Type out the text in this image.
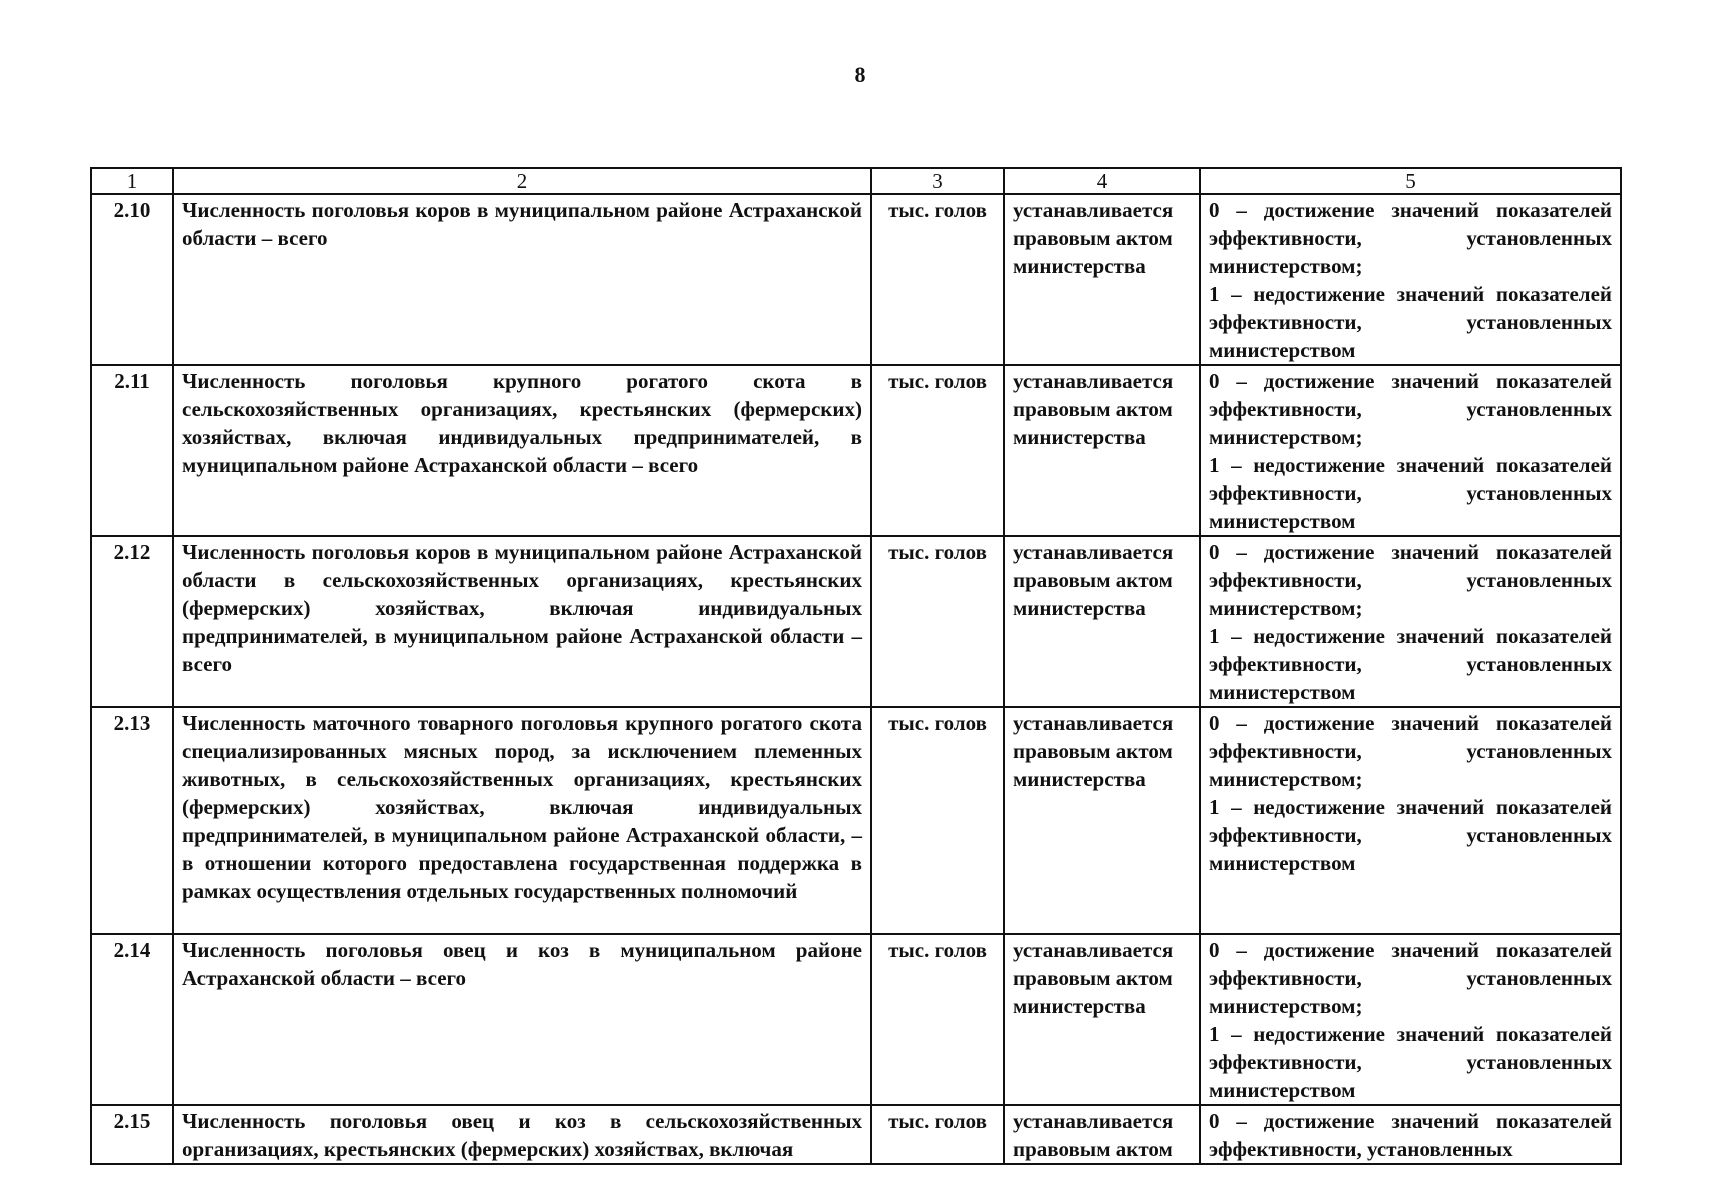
8
1	2	3	4	5
2.10	Численность поголовья коров в муниципальном районе Астраханской области – всего	тыс. голов	устанавливается правовым актом министерства	0 – достижение значений показателей эффективности, установленных министерством;
1 – недостижение значений показателей эффективности, установленных министерством

2.11	Численность поголовья крупного рогатого скота в сельскохозяйственных организациях, крестьянских (фермерских) хозяйствах, включая индивидуальных предпринимателей, в муниципальном районе Астраханской области – всего	тыс. голов	устанавливается правовым актом министерства	0 – достижение значений показателей эффективности, установленных министерством;
1 – недостижение значений показателей эффективности, установленных министерством

2.12	Численность поголовья коров в муниципальном районе Астраханской области в сельскохозяйственных организациях, крестьянских (фермерских) хозяйствах, включая индивидуальных предпринимателей, в муниципальном районе Астраханской области – всего	тыс. голов	устанавливается правовым актом министерства	0 – достижение значений показателей эффективности, установленных министерством;
1 – недостижение значений показателей эффективности, установленных министерством

2.13	Численность маточного товарного поголовья крупного рогатого скота специализированных мясных пород, за исключением племенных животных, в сельскохозяйственных организациях, крестьянских (фермерских) хозяйствах, включая индивидуальных предпринимателей, в муниципальном районе Астраханской области, – в отношении которого предоставлена государственная поддержка в рамках осуществления отдельных государственных полномочий	тыс. голов	устанавливается правовым актом министерства	0 – достижение значений показателей эффективности, установленных министерством;
1 – недостижение значений показателей эффективности, установленных министерством

2.14	Численность поголовья овец и коз в муниципальном районе Астраханской области – всего	тыс. голов	устанавливается правовым актом министерства	0 – достижение значений показателей эффективности, установленных министерством;
1 – недостижение значений показателей эффективности, установленных министерством

2.15	Численность поголовья овец и коз в сельскохозяйственных организациях, крестьянских (фермерских) хозяйствах, включая	тыс. голов	устанавливается правовым актом	0 – достижение значений показателей эффективности, установленных
